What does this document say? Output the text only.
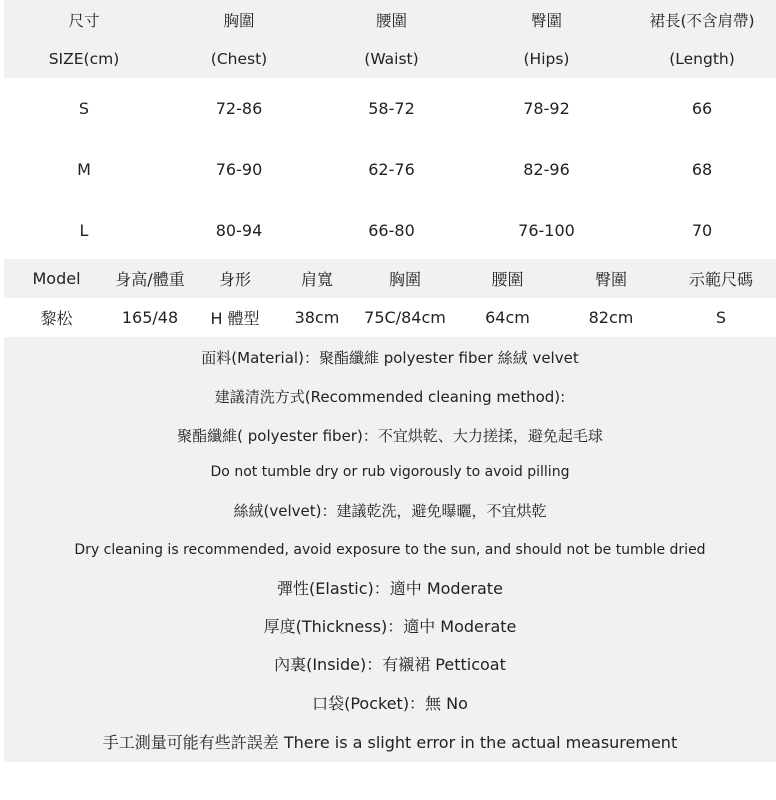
尺寸	胸圍	腰圍	臀圍	裙長(不含肩帶)
SIZE(cm)	(Chest)	(Waist)	(Hips)	(Length)
S	72-86	58-72	78-92	66
M	76-90	62-76	82-96	68
L	80-94	66-80	76-100	70
Model	身高/體重	身形	肩寬	胸圍	腰圍	臀圍	示範尺碼
黎松	165/48	H 體型	38cm	75C/84cm	64cm	82cm	S
面料(Material)：聚酯纖維 polyester fiber 絲絨 velvet
建議清洗方式(Recommended cleaning method):
聚酯纖維( polyester fiber)：不宜烘乾、大力搓揉，避免起毛球
Do not tumble dry or rub vigorously to avoid pilling
絲絨(velvet)：建議乾洗，避免曝曬，不宜烘乾
Dry cleaning is recommended, avoid exposure to the sun, and should not be tumble dried
彈性(Elastic)：適中 Moderate
厚度(Thickness)：適中 Moderate
內裏(Inside)：有襯裙 Petticoat
口袋(Pocket)：無 No
手工測量可能有些許誤差 There is a slight error in the actual measurement
